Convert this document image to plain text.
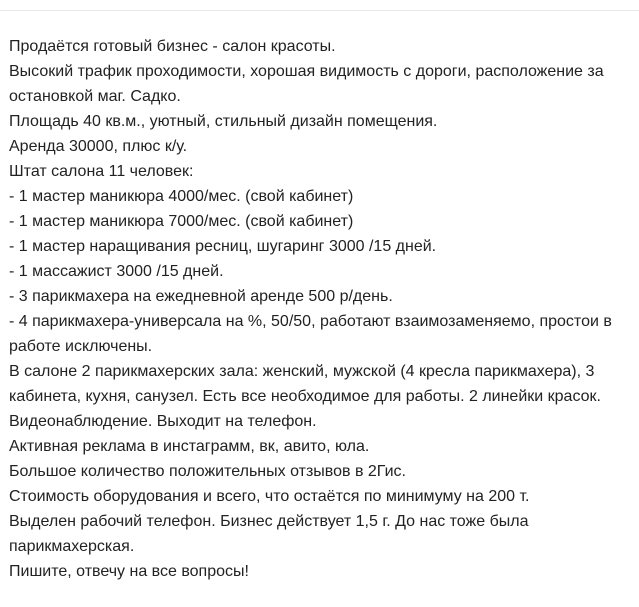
Продаётся готовый бизнес - салон красоты.
Высокий трафик проходимости, хорошая видимость с дороги, расположение за
остановкой маг. Садко.
Площадь 40 кв.м., уютный, стильный дизайн помещения.
Аренда 30000, плюс к/у.
Штат салона 11 человек:
- 1 мастер маникюра 4000/мес. (свой кабинет)
- 1 мастер маникюра 7000/мес. (свой кабинет)
- 1 мастер наращивания ресниц, шугаринг 3000 /15 дней.
- 1 массажист 3000 /15 дней.
- 3 парикмахера на ежедневной аренде 500 р/день.
- 4 парикмахера-универсала на %, 50/50, работают взаимозаменяемо, простои в
работе исключены.
В салоне 2 парикмахерских зала: женский, мужской (4 кресла парикмахера), 3
кабинета, кухня, санузел. Есть все необходимое для работы. 2 линейки красок.
Видеонаблюдение. Выходит на телефон.
Активная реклама в инстаграмм, вк, авито, юла.
Большое количество положительных отзывов в 2Гис.
Стоимость оборудования и всего, что остаётся по минимуму на 200 т.
Выделен рабочий телефон. Бизнес действует 1,5 г. До нас тоже была
парикмахерская.
Пишите, отвечу на все вопросы!
